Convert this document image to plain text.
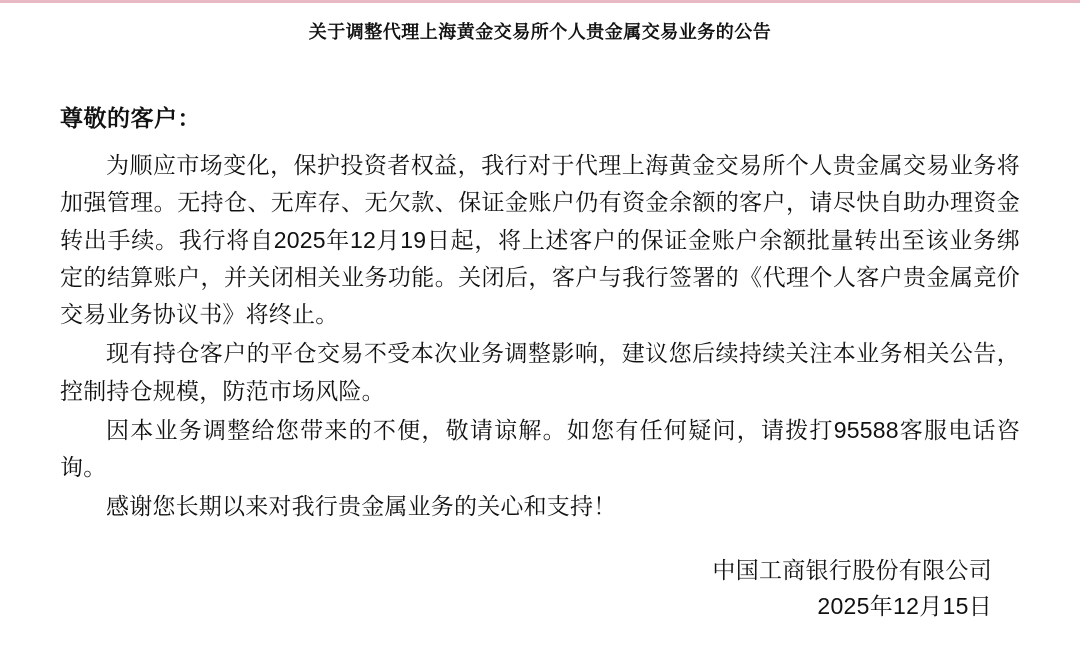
关于调整代理上海黄金交易所个人贵金属交易业务的公告
尊敬的客户：

为顺应市场变化，保护投资者权益，我行对于代理上海黄金交易所个人贵金属交易业务将加强管理。无持仓、无库存、无欠款、保证金账户仍有资金余额的客户，请尽快自助办理资金转出手续。我行将自2025年12月19日起，将上述客户的保证金账户余额批量转出至该业务绑定的结算账户，并关闭相关业务功能。关闭后，客户与我行签署的《代理个人客户贵金属竞价交易业务协议书》将终止。

现有持仓客户的平仓交易不受本次业务调整影响，建议您后续持续关注本业务相关公告，控制持仓规模，防范市场风险。

因本业务调整给您带来的不便，敬请谅解。如您有任何疑问，请拨打95588客服电话咨询。

感谢您长期以来对我行贵金属业务的关心和支持！

中国工商银行股份有限公司
2025年12月15日
